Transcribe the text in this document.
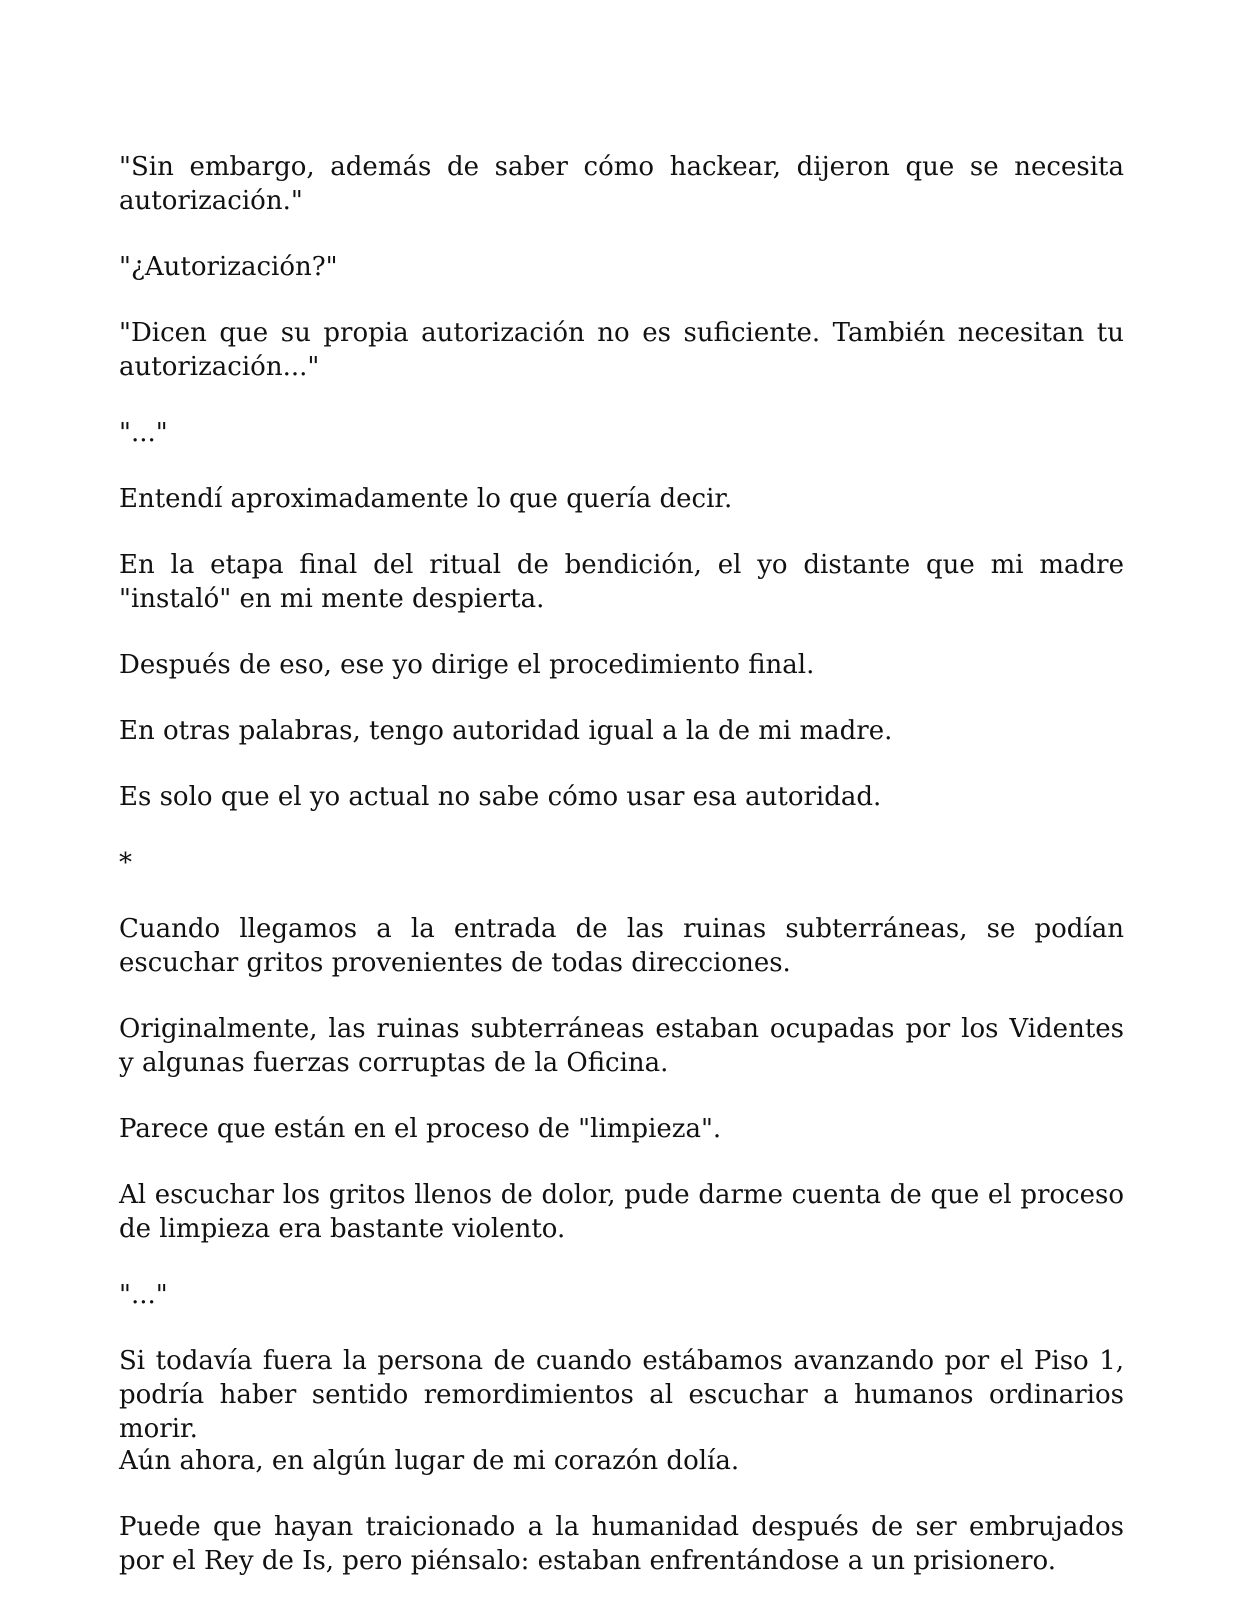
"Sin embargo, además de saber cómo hackear, dijeron que se necesita autorización."

"¿Autorización?"

"Dicen que su propia autorización no es suficiente. También necesitan tu autorización..."

"..."

Entendí aproximadamente lo que quería decir.

En la etapa final del ritual de bendición, el yo distante que mi madre "instaló" en mi mente despierta.

Después de eso, ese yo dirige el procedimiento final.

En otras palabras, tengo autoridad igual a la de mi madre.

Es solo que el yo actual no sabe cómo usar esa autoridad.

*

Cuando llegamos a la entrada de las ruinas subterráneas, se podían escuchar gritos provenientes de todas direcciones.

Originalmente, las ruinas subterráneas estaban ocupadas por los Videntes y algunas fuerzas corruptas de la Oficina.

Parece que están en el proceso de "limpieza".

Al escuchar los gritos llenos de dolor, pude darme cuenta de que el proceso de limpieza era bastante violento.

"..."

Si todavía fuera la persona de cuando estábamos avanzando por el Piso 1, podría haber sentido remordimientos al escuchar a humanos ordinarios morir.

Aún ahora, en algún lugar de mi corazón dolía.

Puede que hayan traicionado a la humanidad después de ser embrujados por el Rey de Is, pero piénsalo: estaban enfrentándose a un prisionero.
